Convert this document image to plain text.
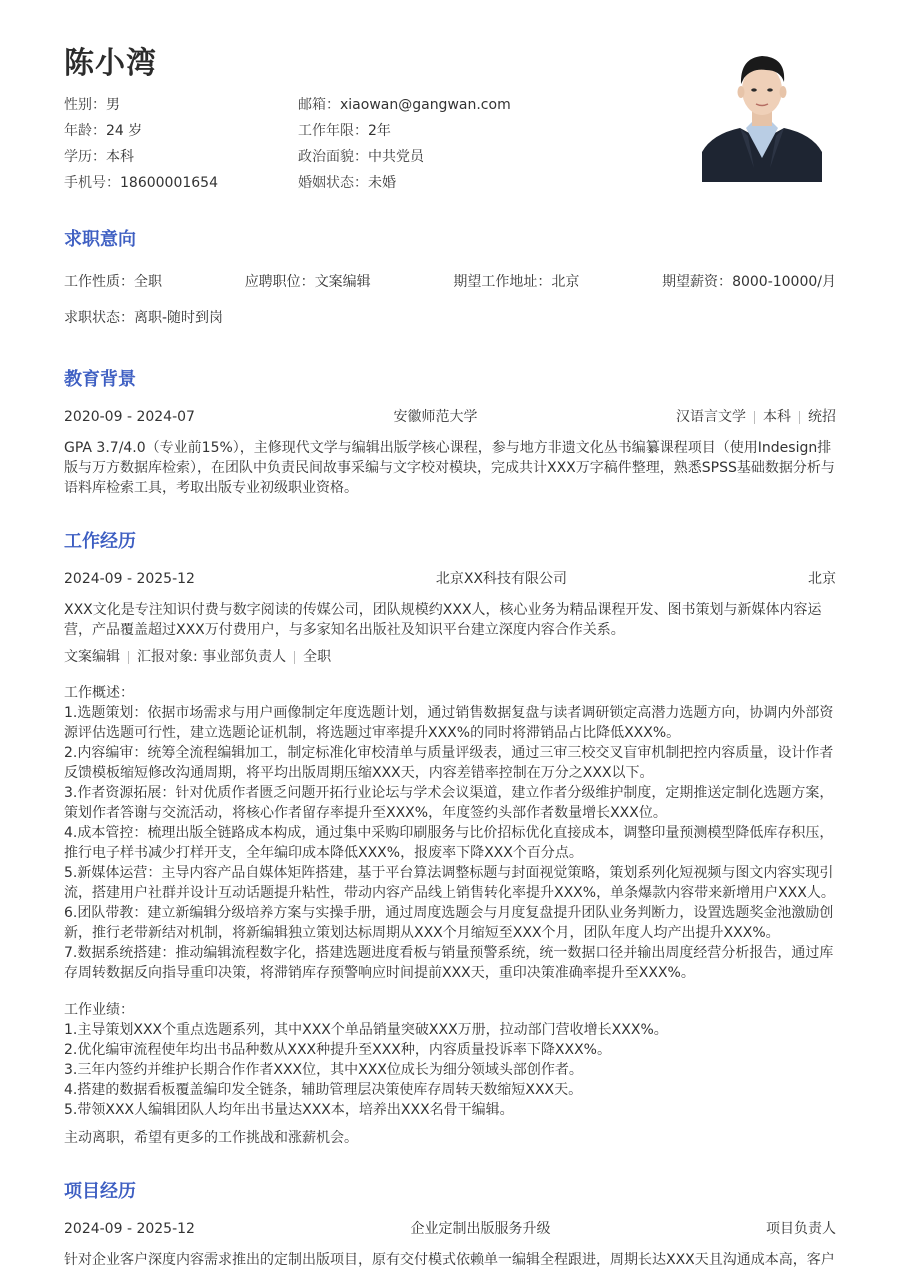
陈小湾
性别： 男	邮箱： xiaowan@gangwan.com
年龄： 24 岁	工作年限： 2年
学历： 本科	政治面貌： 中共党员
手机号： 18600001654	婚姻状态： 未婚
求职意向
工作性质：全职	应聘职位：文案编辑	期望工作地址：北京	期望薪资：8000-10000/月
求职状态： 离职-随时到岗
教育背景
2020-09 - 2024-07	安徽师范大学	汉语言文学 本科 统招

GPA 3.7/4.0（专业前15%），主修现代文学与编辑出版学核心课程，参与地方非遗文化丛书编纂课程项目（使用Indesign排版与万方数据库检索），在团队中负责民间故事采编与文字校对模块，完成共计XXX万字稿件整理，熟悉SPSS基础数据分析与语料库检索工具，考取出版专业初级职业资格。

工作经历
2024-09 - 2025-12	北京XX科技有限公司	北京

XXX文化是专注知识付费与数字阅读的传媒公司，团队规模约XXX人，核心业务为精品课程开发、图书策划与新媒体内容运营，产品覆盖超过XXX万付费用户，与多家知名出版社及知识平台建立深度内容合作关系。

文案编辑 汇报对象: 事业部负责人 全职
工作概述：
1.选题策划：依据市场需求与用户画像制定年度选题计划，通过销售数据复盘与读者调研锁定高潜力选题方向，协调内外部资源评估选题可行性，建立选题论证机制，将选题过审率提升XXX%的同时将滞销品占比降低XXX%。
2.内容编审：统筹全流程编辑加工，制定标准化审校清单与质量评级表，通过三审三校交叉盲审机制把控内容质量，设计作者反馈模板缩短修改沟通周期，将平均出版周期压缩XXX天，内容差错率控制在万分之XXX以下。
3.作者资源拓展：针对优质作者匮乏问题开拓行业论坛与学术会议渠道，建立作者分级维护制度，定期推送定制化选题方案，策划作者答谢与交流活动，将核心作者留存率提升至XXX%，年度签约头部作者数量增长XXX位。
4.成本管控：梳理出版全链路成本构成，通过集中采购印刷服务与比价招标优化直接成本，调整印量预测模型降低库存积压，推行电子样书减少打样开支，全年编印成本降低XXX%，报废率下降XXX个百分点。
5.新媒体运营：主导内容产品自媒体矩阵搭建，基于平台算法调整标题与封面视觉策略，策划系列化短视频与图文内容实现引流，搭建用户社群并设计互动话题提升粘性，带动内容产品线上销售转化率提升XXX%，单条爆款内容带来新增用户XXX人。
6.团队带教：建立新编辑分级培养方案与实操手册，通过周度选题会与月度复盘提升团队业务判断力，设置选题奖金池激励创新，推行老带新结对机制，将新编辑独立策划达标周期从XXX个月缩短至XXX个月，团队年度人均产出提升XXX%。
7.数据系统搭建：推动编辑流程数字化，搭建选题进度看板与销量预警系统，统一数据口径并输出周度经营分析报告，通过库存周转数据反向指导重印决策，将滞销库存预警响应时间提前XXX天，重印决策准确率提升至XXX%。
工作业绩：
1.主导策划XXX个重点选题系列，其中XXX个单品销量突破XXX万册，拉动部门营收增长XXX%。
2.优化编审流程使年均出书品种数从XXX种提升至XXX种，内容质量投诉率下降XXX%。
3.三年内签约并维护长期合作作者XXX位，其中XXX位成长为细分领域头部创作者。
4.搭建的数据看板覆盖编印发全链条，辅助管理层决策使库存周转天数缩短XXX天。
5.带领XXX人编辑团队人均年出书量达XXX本，培养出XXX名骨干编辑。

主动离职，希望有更多的工作挑战和涨薪机会。

项目经历
2024-09 - 2025-12	企业定制出版服务升级	项目负责人

针对企业客户深度内容需求推出的定制出版项目，原有交付模式依赖单一编辑全程跟进，周期长达XXX天且沟通成本高，客户
